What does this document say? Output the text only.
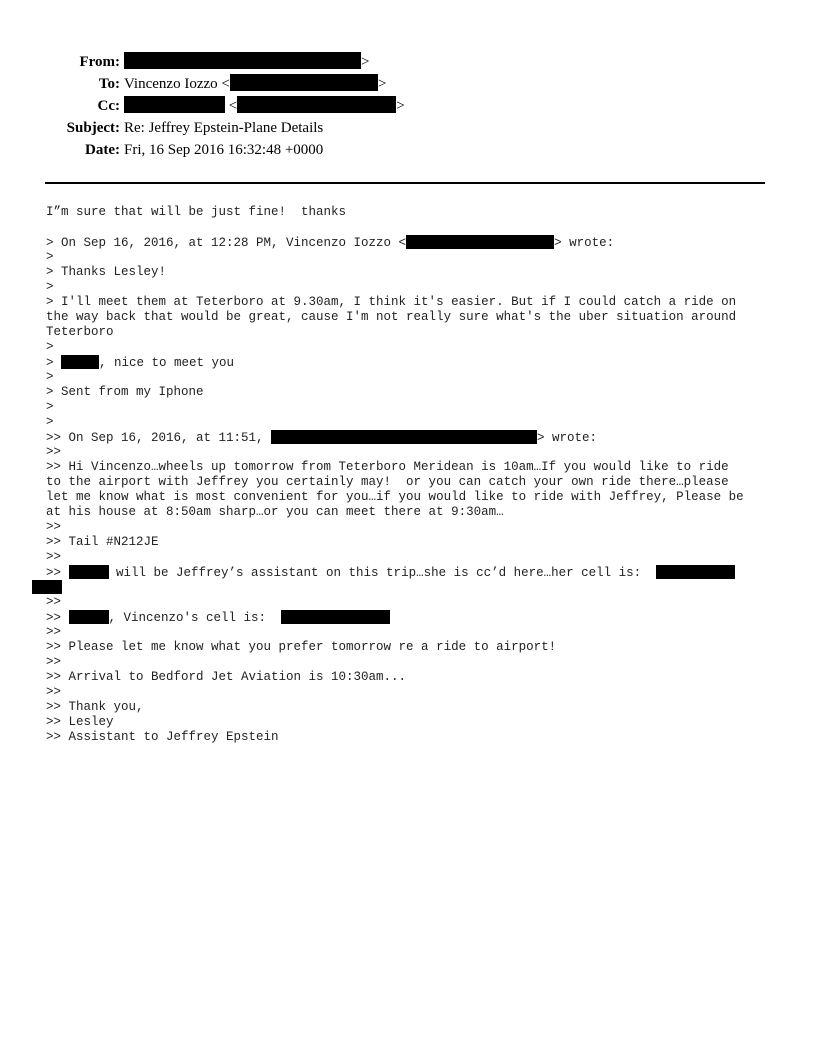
From:	>
To: Vincenzo Iozzo <	>
Cc:	<	>
Subject: Re: Jeffrey Epstein-Plane Details
Date: Fri, 16 Sep 2016 16:32:48 +0000
I”m sure that will be just fine!  thanks
> On Sep 16, 2016, at 12:28 PM, Vincenzo Iozzo <	> wrote:
>
> Thanks Lesley!
>
> I'll meet them at Teterboro at 9.30am, I think it's easier. But if I could catch a ride on
the way back that would be great, cause I'm not really sure what's the uber situation around
Teterboro
>
>	, nice to meet you
>
> Sent from my Iphone
>
>
>> On Sep 16, 2016, at 11:51,	> wrote:
>>
>> Hi Vincenzo…wheels up tomorrow from Teterboro Meridean is 10am…If you would like to ride
to the airport with Jeffrey you certainly may!  or you can catch your own ride there…please
let me know what is most convenient for you…if you would like to ride with Jeffrey, Please be
at his house at 8:50am sharp…or you can meet there at 9:30am…
>>
>> Tail #N212JE
>>
>>	will be Jeffrey’s assistant on this trip…she is cc’d here…her cell is:
>>
>>	, Vincenzo's cell is:
>>
>> Please let me know what you prefer tomorrow re a ride to airport!
>>
>> Arrival to Bedford Jet Aviation is 10:30am...
>>
>> Thank you,
>> Lesley
>> Assistant to Jeffrey Epstein
